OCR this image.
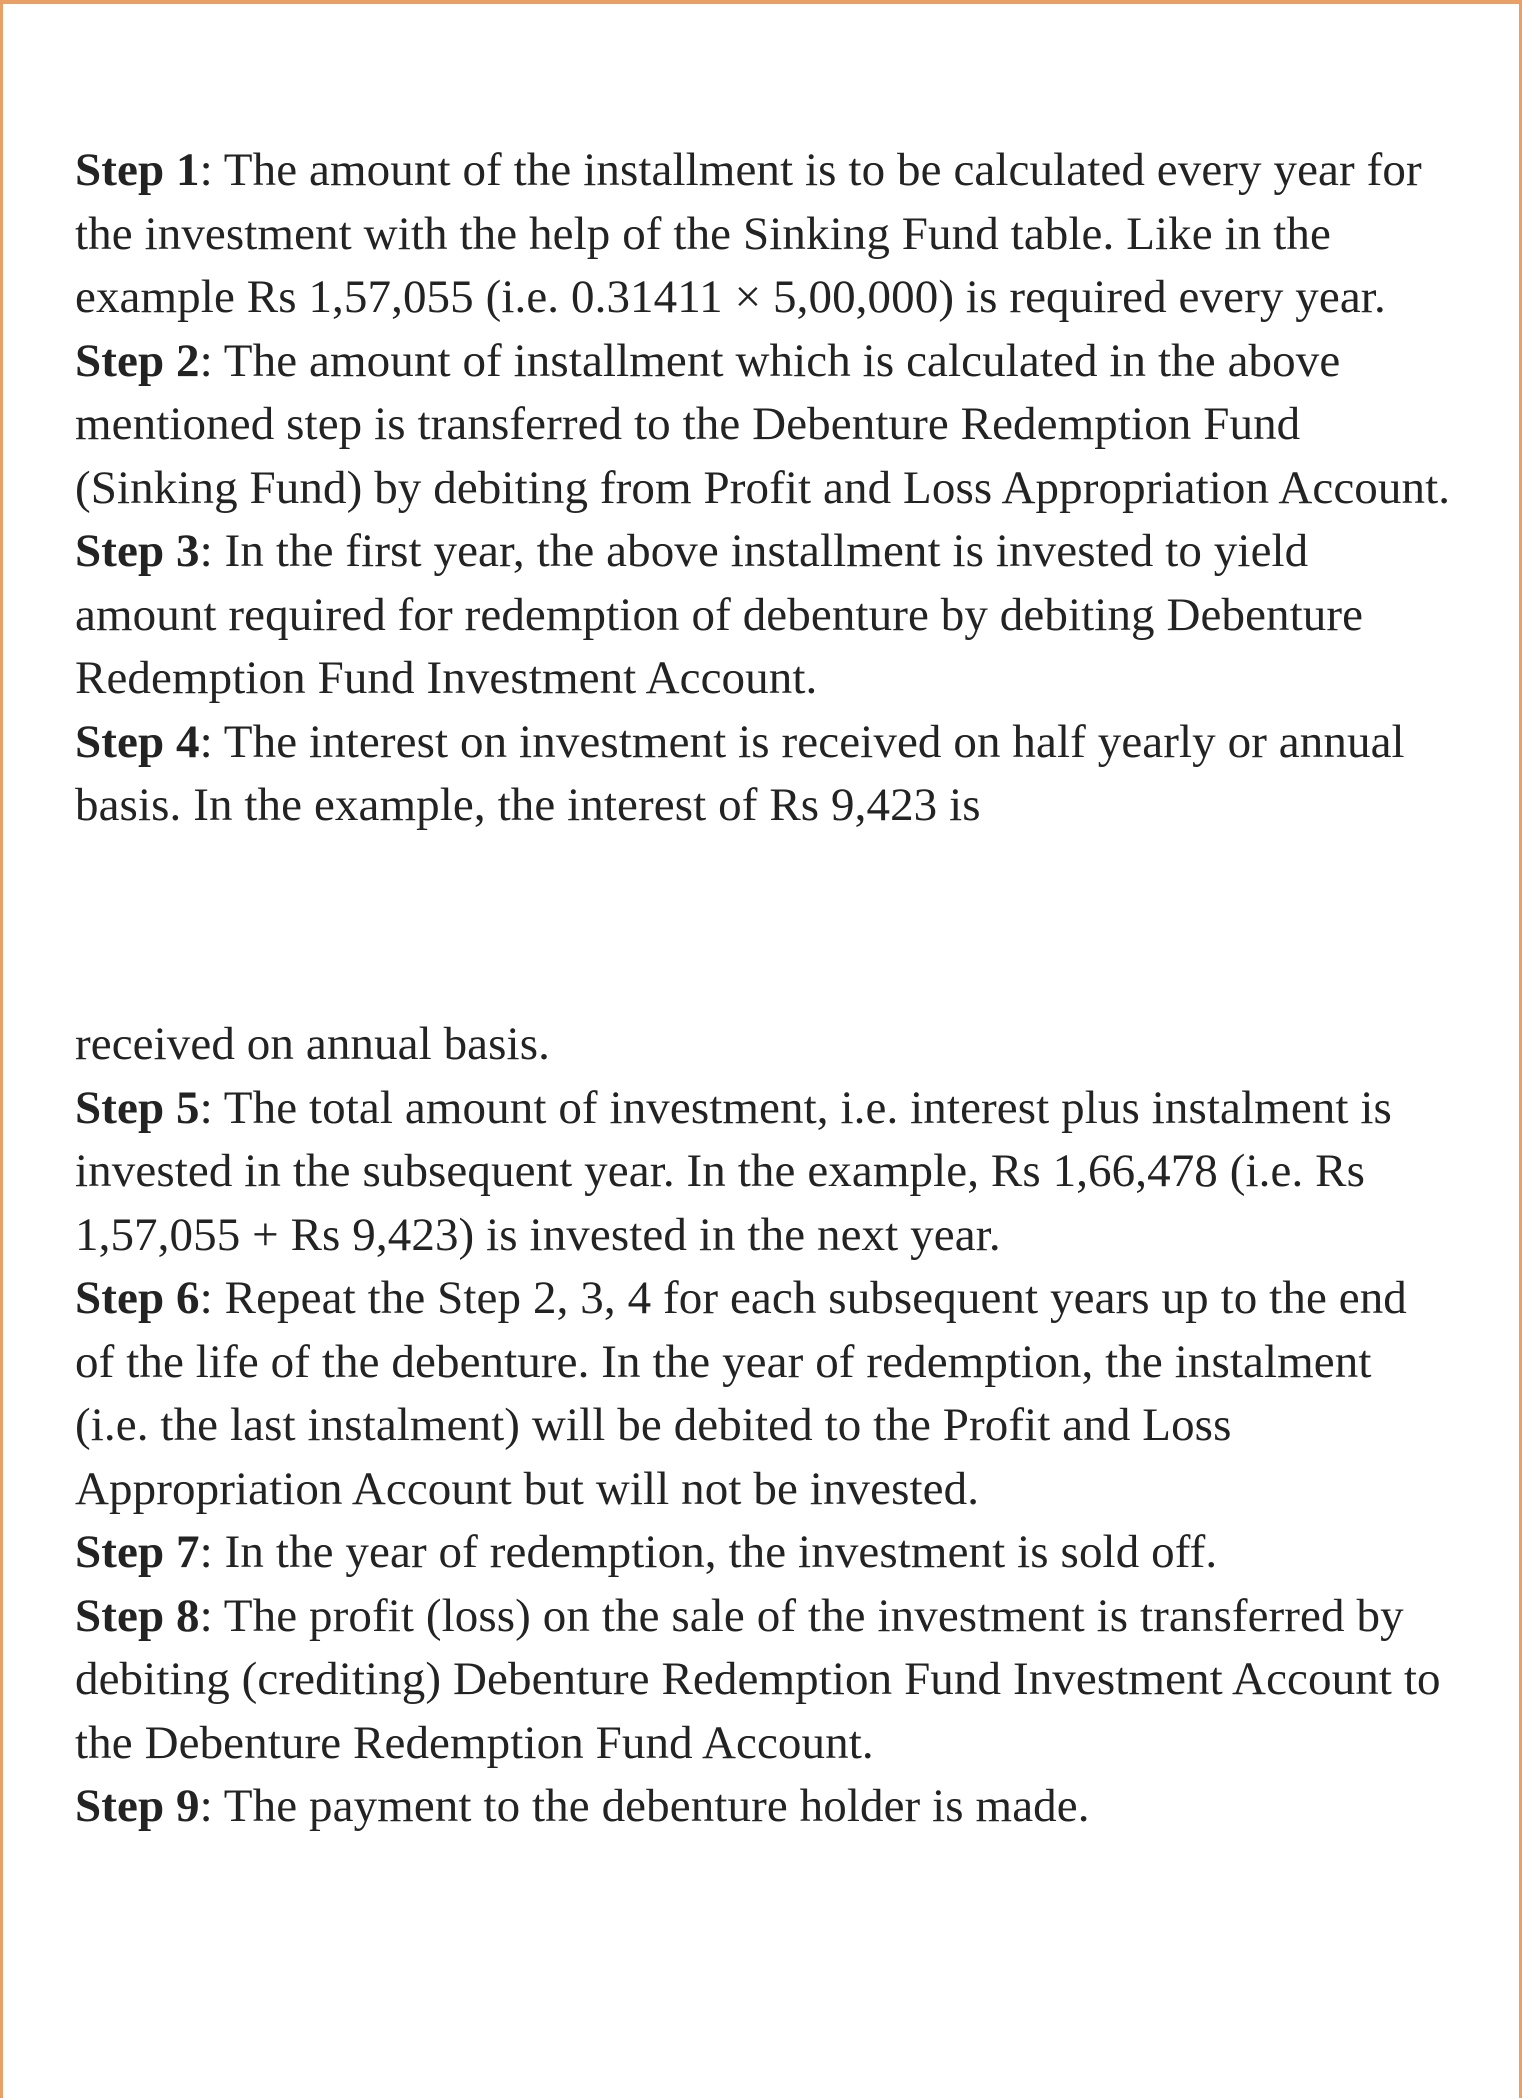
Step 1: The amount of the installment is to be calculated every year for the investment with the help of the Sinking Fund table. Like in the example Rs 1,57,055 (i.e. 0.31411 × 5,00,000) is required every year.

Step 2: The amount of installment which is calculated in the above mentioned step is transferred to the Debenture Redemption Fund (Sinking Fund) by debiting from Profit and Loss Appropriation Account.

Step 3: In the first year, the above installment is invested to yield amount required for redemption of debenture by debiting Debenture Redemption Fund Investment Account.

Step 4: The interest on investment is received on half yearly or annual basis. In the example, the interest of Rs 9,423 is

received on annual basis.

Step 5: The total amount of investment, i.e. interest plus instalment is invested in the subsequent year. In the example, Rs 1,66,478 (i.e. Rs 1,57,055 + Rs 9,423) is invested in the next year.

Step 6: Repeat the Step 2, 3, 4 for each subsequent years up to the end of the life of the debenture. In the year of redemption, the instalment (i.e. the last instalment) will be debited to the Profit and Loss Appropriation Account but will not be invested.

Step 7: In the year of redemption, the investment is sold off.

Step 8: The profit (loss) on the sale of the investment is transferred by debiting (crediting) Debenture Redemption Fund Investment Account to the Debenture Redemption Fund Account.

Step 9: The payment to the debenture holder is made.
